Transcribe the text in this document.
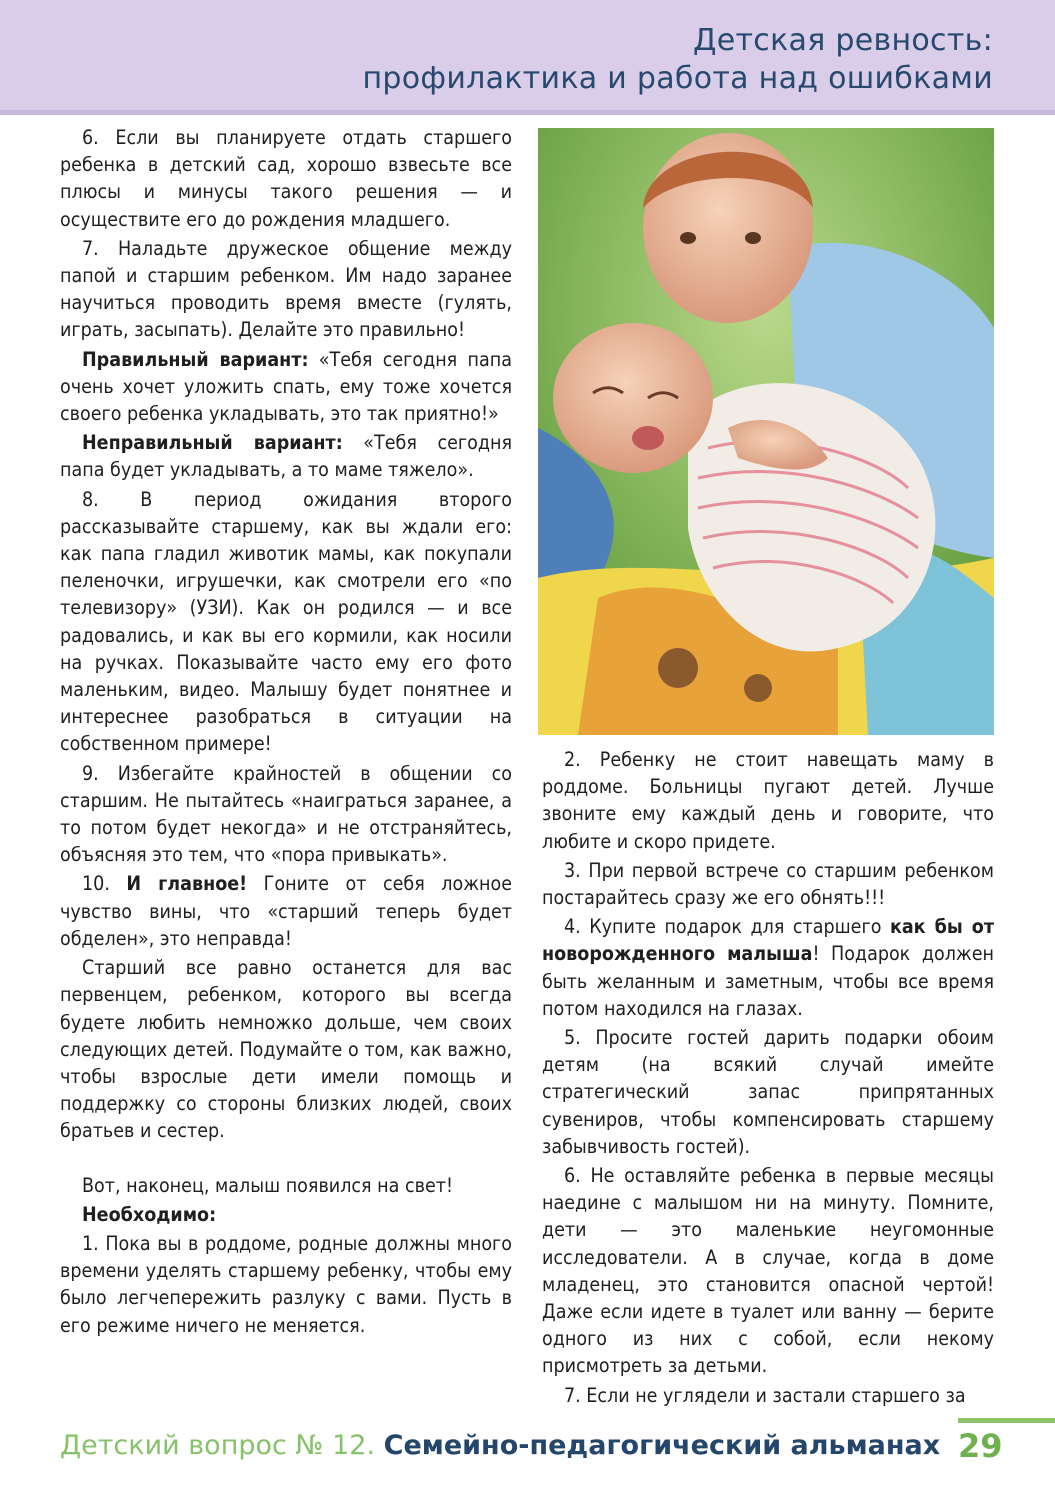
Детская ревность:
профилактика и работа над ошибками

6. Если вы планируете отдать старшего ребенка в детский сад, хорошо взвесьте все плюсы и минусы такого решения — и осуществите его до рождения младшего.

7. Наладьте дружеское общение между папой и старшим ребенком. Им надо заранее научиться проводить время вместе (гулять, играть, засыпать). Делайте это правильно!

Правильный вариант: «Тебя сегодня папа очень хочет уложить спать, ему тоже хочется своего ребенка укладывать, это так приятно!»

Неправильный вариант: «Тебя сегодня папа будет укладывать, а то маме тяжело».

8. В период ожидания второго рассказывайте старшему, как вы ждали его: как папа гладил животик мамы, как покупали пеленочки, игрушечки, как смотрели его «по телевизору» (УЗИ). Как он родился — и все радовались, и как вы его кормили, как носили на ручках. Показывайте часто ему его фото маленьким, видео. Малышу будет понятнее и интереснее разобраться в ситуации на собственном примере!

9. Избегайте крайностей в общении со старшим. Не пытайтесь «наиграться заранее, а то потом будет некогда» и не отстраняйтесь, объясняя это тем, что «пора привыкать».

10. И главное! Гоните от себя ложное чувство вины, что «старший теперь будет обделен», это неправда!

Старший все равно останется для вас первенцем, ребенком, которого вы всегда будете любить немножко дольше, чем своих следующих детей. Подумайте о том, как важно, чтобы взрослые дети имели помощь и поддержку со стороны близких людей, своих братьев и сестер.

Вот, наконец, малыш появился на свет!

Необходимо:

1. Пока вы в роддоме, родные должны много времени уделять старшему ребенку, чтобы ему было легчепережить разлуку с вами. Пусть в его режиме ничего не меняется.

2. Ребенку не стоит навещать маму в роддоме. Больницы пугают детей. Лучше звоните ему каждый день и говорите, что любите и скоро придете.

3. При первой встрече со старшим ребенком постарайтесь сразу же его обнять!!!

4. Купите подарок для старшего как бы от новорожденного малыша! Подарок должен быть желанным и заметным, чтобы все время потом находился на глазах.

5. Просите гостей дарить подарки обоим детям (на всякий случай имейте стратегический запас припрятанных сувениров, чтобы компенсировать старшему забывчивость гостей).

6. Не оставляйте ребенка в первые месяцы наедине с малышом ни на минуту. Помните, дети — это маленькие неугомонные исследователи. А в случае, когда в доме младенец, это становится опасной чертой! Даже если идете в туалет или ванну — берите одного из них с собой, если некому присмотреть за детьми.

7. Если не углядели и застали старшего за

Детский вопрос № 12. Семейно-педагогический альманах 29
